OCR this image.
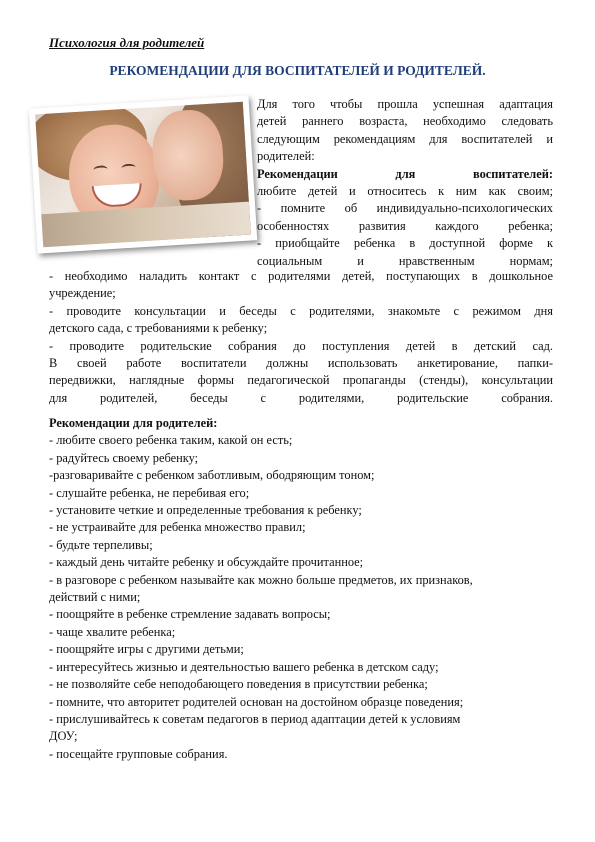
Психология для родителей
РЕКОМЕНДАЦИИ ДЛЯ ВОСПИТАТЕЛЕЙ И РОДИТЕЛЕЙ.
Для того чтобы прошла успешная адаптация
детей раннего возраста, необходимо следовать
следующим рекомендациям для воспитателей и
родителей:
Рекомендации для воспитателей:
любите детей и относитесь к ним как своим;
- помните об индивидуально-психологических
особенностях развития каждого ребенка;
- приобщайте ребенка в доступной форме к
социальным и нравственным нормам;
- необходимо наладить контакт с родителями детей, поступающих в дошкольное
учреждение;
- проводите консультации и беседы с родителями, знакомьте с режимом дня
детского сада, с требованиями к ребенку;
- проводите родительские собрания до поступления детей в детский сад.
В своей работе воспитатели должны использовать анкетирование, папки-
передвижки, наглядные формы педагогической пропаганды (стенды), консультации
для родителей, беседы с родителями, родительские собрания.
Рекомендации для родителей:
- любите своего ребенка таким, какой он есть;
- радуйтесь своему ребенку;
-разговаривайте с ребенком заботливым, ободряющим тоном;
- слушайте ребенка, не перебивая его;
- установите четкие и определенные требования к ребенку;
- не устраивайте для ребенка множество правил;
- будьте терпеливы;
- каждый день читайте ребенку и обсуждайте прочитанное;
- в разговоре с ребенком называйте как можно больше предметов, их признаков,
действий с ними;
- поощряйте в ребенке стремление задавать вопросы;
- чаще хвалите ребенка;
- поощряйте игры с другими детьми;
- интересуйтесь жизнью и деятельностью вашего ребенка в детском саду;
- не позволяйте себе неподобающего поведения в присутствии ребенка;
- помните, что авторитет родителей основан на достойном образце поведения;
- прислушивайтесь к советам педагогов в период адаптации детей к условиям
ДОУ;
- посещайте групповые собрания.
